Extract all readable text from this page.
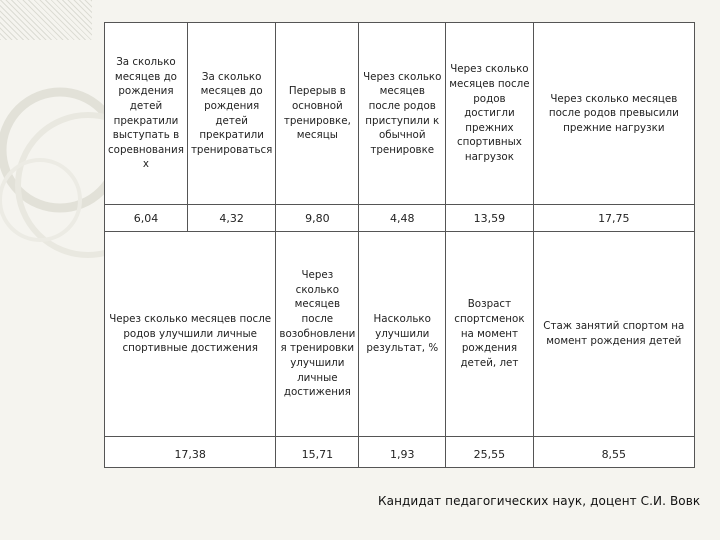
За сколько месяцев до рождения детей прекратили выступать в соревнования х	За сколько месяцев до рождения детей прекратили тренироваться	Перерыв в основной тренировке, месяцы	Через сколько месяцев после родов приступили к обычной тренировке	Через сколько месяцев после родов достигли прежних спортивных нагрузок	Через сколько месяцев после родов превысили прежние нагрузки
6,04	4,32	9,80	4,48	13,59	17,75
Через сколько месяцев после родов улучшили личные спортивные достижения		Через сколько месяцев после возобновлени я тренировки улучшили личные достижения	Насколько улучшили результат, %	Возраст спортсменок на момент рождения детей, лет	Стаж занятий спортом на момент рождения детей
17,38		15,71	1,93	25,55	8,55
Кандидат педагогических наук, доцент С.И. Вовк
